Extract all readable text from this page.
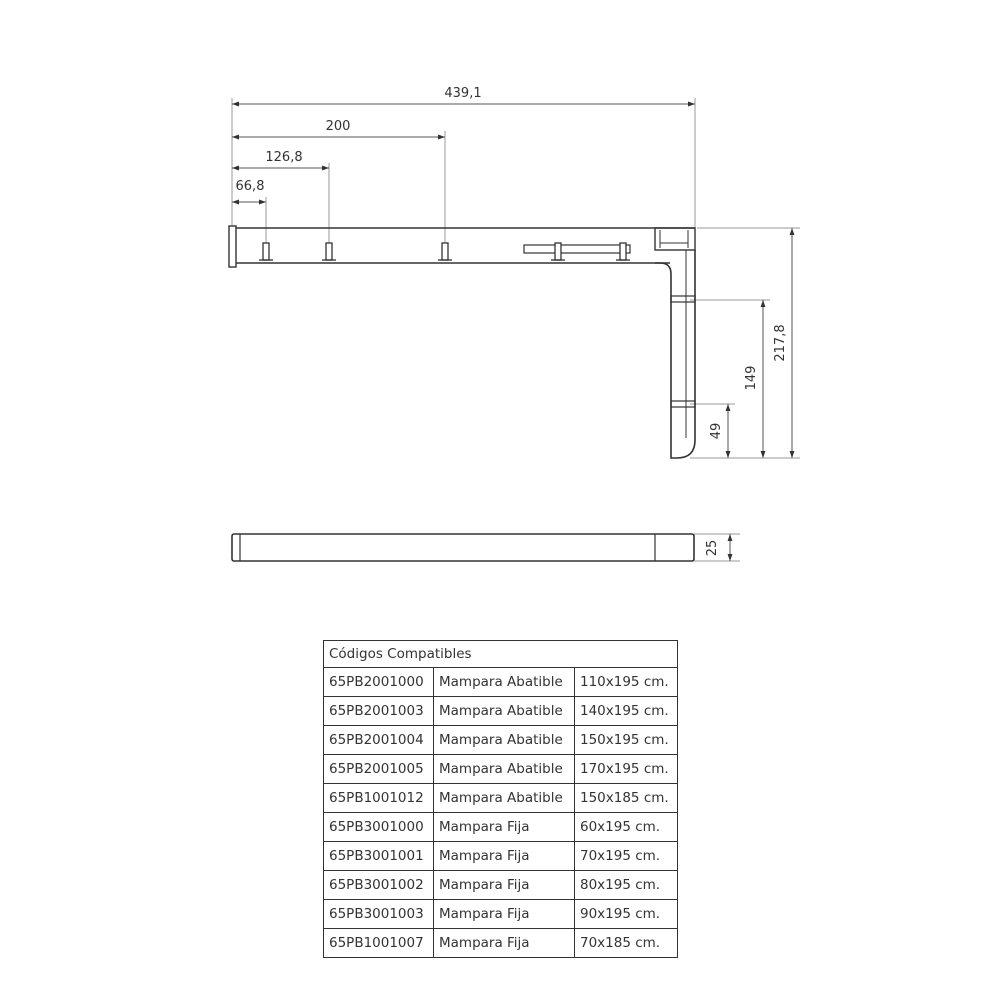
439,1
200
126,8
66,8
217,8
149
49
25
Códigos Compatibles		
65PB2001000	Mampara Abatible	110x195 cm.
65PB2001003	Mampara Abatible	140x195 cm.
65PB2001004	Mampara Abatible	150x195 cm.
65PB2001005	Mampara Abatible	170x195 cm.
65PB1001012	Mampara Abatible	150x185 cm.
65PB3001000	Mampara Fija	60x195 cm.
65PB3001001	Mampara Fija	70x195 cm.
65PB3001002	Mampara Fija	80x195 cm.
65PB3001003	Mampara Fija	90x195 cm.
65PB1001007	Mampara Fija	70x185 cm.
